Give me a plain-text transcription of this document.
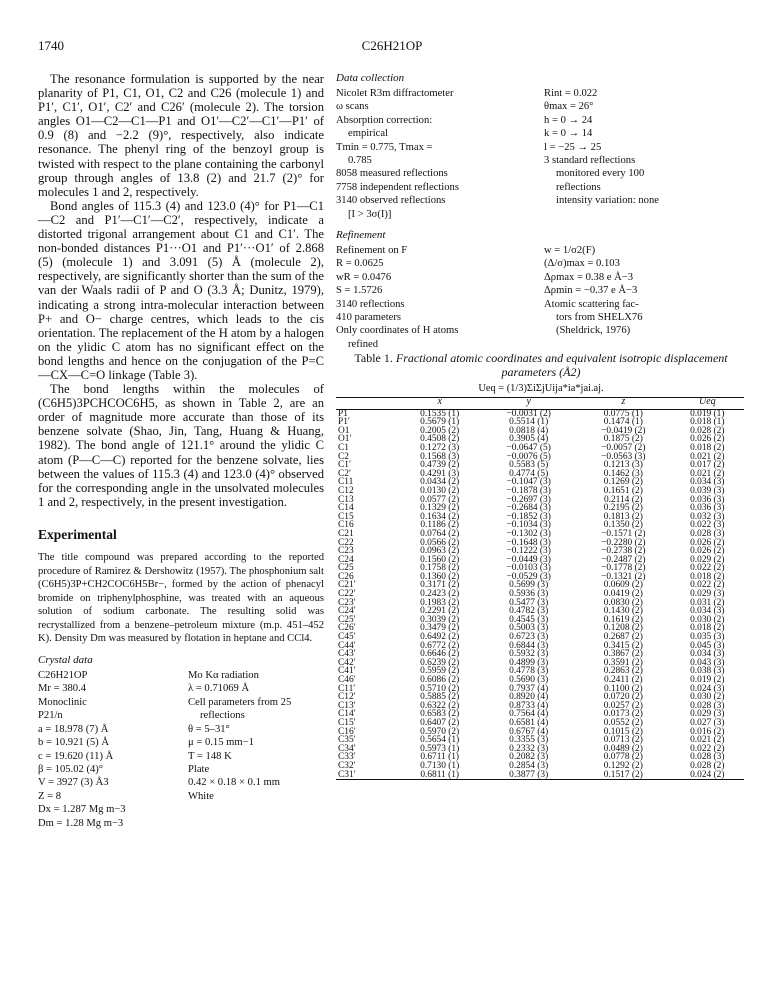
1740	C26H21OP

The resonance formulation is supported by the near planarity of P1, C1, O1, C2 and C26 (molecule 1) and P1′, C1′, O1′, C2′ and C26′ (molecule 2). The torsion angles O1—C2—C1—P1 and O1′—C2′—C1′—P1′ of 0.9 (8) and −2.2 (9)°, respectively, also indicate resonance. The phenyl ring of the benzoyl group is twisted with respect to the plane containing the carbonyl group through angles of 13.8 (2) and 21.7 (2)° for molecules 1 and 2, respectively.

Bond angles of 115.3 (4) and 123.0 (4)° for P1—C1—C2 and P1′—C1′—C2′, respectively, indicate a distorted trigonal arrangement about C1 and C1′. The non-bonded distances P1···O1 and P1′···O1′ of 2.868 (5) (molecule 1) and 3.091 (5) Å (molecule 2), respectively, are significantly shorter than the sum of the van der Waals radii of P and O (3.3 Å; Dunitz, 1979), indicating a strong intra-molecular interaction between P+ and O− charge centres, which leads to the cis orientation. The replacement of the H atom by a halogen on the ylidic C atom has no significant effect on the bond lengths and hence on the conjugation of the P=C —CX—C=O linkage (Table 3).

The bond lengths within the molecules of (C6H5)3PCHCOC6H5, as shown in Table 2, are an order of magnitude more accurate than those of its benzene solvate (Shao, Jin, Tang, Huang & Huang, 1982). The bond angle of 121.1° around the ylidic C atom (P—C—C) reported for the benzene solvate, lies between the values of 115.3 (4) and 123.0 (4)° observed for the corresponding angle in the unsolvated molecules 1 and 2, respectively, in the present investigation.

Experimental

The title compound was prepared according to the reported procedure of Ramirez & Dershowitz (1957). The phosphonium salt (C6H5)3P+CH2COC6H5Br−, formed by the action of phenacyl bromide on triphenylphosphine, was treated with an aqueous solution of sodium carbonate. The resulting solid was recrystallized from a benzene–petroleum mixture (m.p. 451–452 K). Density Dm was measured by flotation in heptane and CCl4.

Crystal data
C26H21OP
Mr = 380.4
Monoclinic
P21/n
a = 18.978 (7) Å
b = 10.921 (5) Å
c = 19.620 (11) Å
β = 105.02 (4)°
V = 3927 (3) Å3
Z = 8
Dx = 1.287 Mg m−3
Dm = 1.28 Mg m−3
Mo Kα radiation
λ = 0.71069 Å
Cell parameters from 25
reflections
θ = 5–31°
μ = 0.15 mm−1
T = 148 K
Plate
0.42 × 0.18 × 0.1 mm
White
Data collection
Nicolet R3m diffractometer
ω scans
Absorption correction:
empirical
Tmin = 0.775, Tmax =
0.785
8058 measured reflections
7758 independent reflections
3140 observed reflections
[I > 3σ(I)]
Rint = 0.022
θmax = 26°
h = 0 → 24
k = 0 → 14
l = −25 → 25
3 standard reflections
monitored every 100
reflections
intensity variation: none
Refinement
Refinement on F
R = 0.0625
wR = 0.0476
S = 1.5726
3140 reflections
410 parameters
Only coordinates of H atoms
refined
w = 1/σ2(F)
(Δ/σ)max = 0.103
Δρmax = 0.38 e Å−3
Δρmin = −0.37 e Å−3
Atomic scattering fac-
tors from SHELX76
(Sheldrick, 1976)
Table 1. Fractional atomic coordinates and equivalent isotropic displacement parameters (Å2)
Ueq = (1/3)ΣiΣjUija*ia*jai.aj.
	x	y	z	Ueq
P1	0.1535 (1)	−0.0031 (2)	0.0775 (1)	0.019 (1)
P1′	0.5679 (1)	0.5514 (1)	0.1474 (1)	0.018 (1)
O1	0.2005 (2)	0.0818 (4)	−0.0419 (2)	0.028 (2)
O1′	0.4508 (2)	0.3905 (4)	0.1875 (2)	0.026 (2)
C1	0.1272 (3)	−0.0647 (5)	−0.0057 (2)	0.018 (2)
C2	0.1568 (3)	−0.0076 (5)	−0.0563 (3)	0.021 (2)
C1′	0.4739 (2)	0.5583 (5)	0.1213 (3)	0.017 (2)
C2′	0.4291 (3)	0.4774 (5)	0.1462 (3)	0.021 (2)
C11	0.0434 (2)	−0.1047 (3)	0.1269 (2)	0.034 (3)
C12	0.0130 (2)	−0.1878 (3)	0.1651 (2)	0.039 (3)
C13	0.0577 (2)	−0.2697 (3)	0.2114 (2)	0.036 (3)
C14	0.1329 (2)	−0.2684 (3)	0.2195 (2)	0.036 (3)
C15	0.1634 (2)	−0.1852 (3)	0.1813 (2)	0.032 (3)
C16	0.1186 (2)	−0.1034 (3)	0.1350 (2)	0.022 (3)
C21	0.0764 (2)	−0.1302 (3)	−0.1571 (2)	0.028 (3)
C22	0.0566 (2)	−0.1648 (3)	−0.2280 (2)	0.026 (2)
C23	0.0963 (2)	−0.1222 (3)	−0.2738 (2)	0.026 (2)
C24	0.1560 (2)	−0.0449 (3)	−0.2487 (2)	0.029 (2)
C25	0.1758 (2)	−0.0103 (3)	−0.1778 (2)	0.022 (2)
C26	0.1360 (2)	−0.0529 (3)	−0.1321 (2)	0.018 (2)
C21′	0.3171 (2)	0.5699 (3)	0.0609 (2)	0.022 (2)
C22′	0.2423 (2)	0.5936 (3)	0.0419 (2)	0.029 (3)
C23′	0.1983 (2)	0.5477 (3)	0.0830 (2)	0.031 (2)
C24′	0.2291 (2)	0.4782 (3)	0.1430 (2)	0.034 (3)
C25′	0.3039 (2)	0.4545 (3)	0.1619 (2)	0.030 (2)
C26′	0.3479 (2)	0.5003 (3)	0.1208 (2)	0.018 (2)
C45′	0.6492 (2)	0.6723 (3)	0.2687 (2)	0.035 (3)
C44′	0.6772 (2)	0.6844 (3)	0.3415 (2)	0.045 (3)
C43′	0.6646 (2)	0.5932 (3)	0.3867 (2)	0.034 (3)
C42′	0.6239 (2)	0.4899 (3)	0.3591 (2)	0.043 (3)
C41′	0.5959 (2)	0.4778 (3)	0.2863 (2)	0.038 (3)
C46′	0.6086 (2)	0.5690 (3)	0.2411 (2)	0.019 (2)
C11′	0.5710 (2)	0.7937 (4)	0.1100 (2)	0.024 (3)
C12′	0.5885 (2)	0.8920 (4)	0.0720 (2)	0.030 (2)
C13′	0.6322 (2)	0.8733 (4)	0.0257 (2)	0.028 (3)
C14′	0.6583 (2)	0.7564 (4)	0.0173 (2)	0.029 (3)
C15′	0.6407 (2)	0.6581 (4)	0.0552 (2)	0.027 (3)
C16′	0.5970 (2)	0.6767 (4)	0.1015 (2)	0.016 (2)
C35′	0.5654 (1)	0.3355 (3)	0.0713 (2)	0.021 (2)
C34′	0.5973 (1)	0.2332 (3)	0.0489 (2)	0.022 (2)
C33′	0.6711 (1)	0.2082 (3)	0.0778 (2)	0.028 (3)
C32′	0.7130 (1)	0.2854 (3)	0.1292 (2)	0.028 (2)
C31′	0.6811 (1)	0.3877 (3)	0.1517 (2)	0.024 (2)
